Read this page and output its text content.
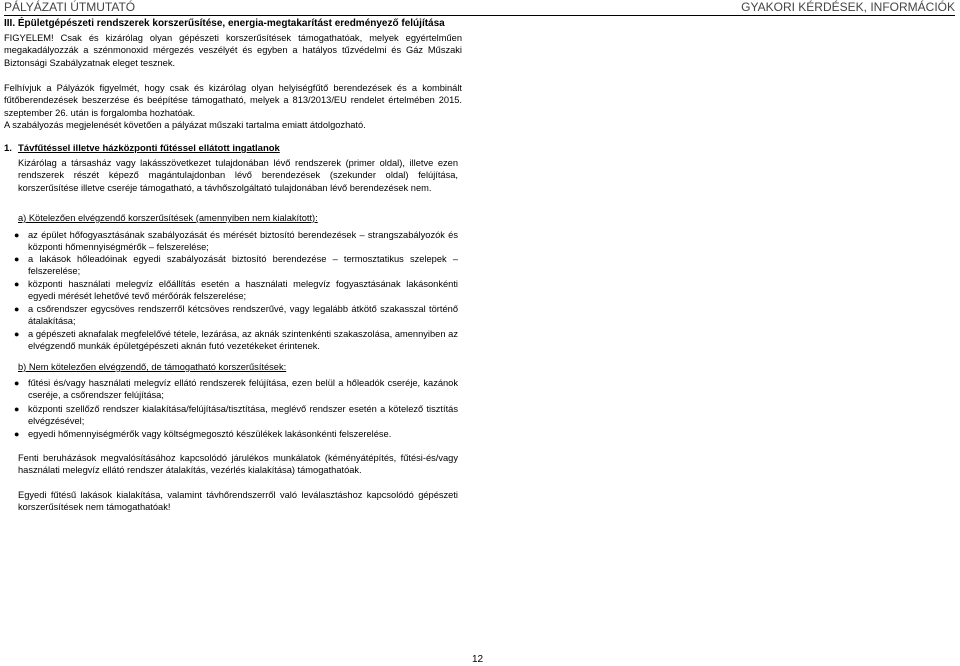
PÁLYÁZATI ÚTMUTATÓ	GYAKORI KÉRDÉSEK, INFORMÁCIÓK
III. Épületgépészeti rendszerek korszerűsítése, energia-megtakarítást eredményező felújítása

FIGYELEM! Csak és kizárólag olyan gépészeti korszerűsítések támogathatóak, melyek egyértelműen megakadályozzák a szénmonoxid mérgezés veszélyét és egyben a hatályos tűzvédelmi és Gáz Műszaki Biztonsági Szabályzatnak eleget tesznek.

Felhívjuk a Pályázók figyelmét, hogy csak és kizárólag olyan helyiségfűtő berendezések és a kombinált fűtőberendezések beszerzése és beépítése támogatható, melyek a 813/2013/EU rendelet értelmében 2015. szeptember 26. után is forgalomba hozhatóak.

A szabályozás megjelenését követően a pályázat műszaki tartalma emiatt átdolgozható.

1. Távfűtéssel illetve házközponti fűtéssel ellátott ingatlanok

Kizárólag a társasház vagy lakásszövetkezet tulajdonában lévő rendszerek (primer oldal), illetve ezen rendszerek részét képező magántulajdonban lévő berendezések (szekunder oldal) felújítása, korszerűsítése illetve cseréje támogatható, a távhőszolgáltató tulajdonában lévő berendezések nem.

a) Kötelezően elvégzendő korszerűsítések (amennyiben nem kialakított):
● az épület hőfogyasztásának szabályozását és mérését biztosító berendezések – strangszabályozók és központi hőmennyiségmérők – felszerelése;
● a lakások hőleadóinak egyedi szabályozását biztosító berendezése – termosztatikus szelepek – felszerelése;
● központi használati melegvíz előállítás esetén a használati melegvíz fogyasztásának lakásonkénti egyedi mérését lehetővé tevő mérőórák felszerelése;
● a csőrendszer egycsöves rendszerről kétcsöves rendszerűvé, vagy legalább átkötő szakasszal történő átalakítása;
● a gépészeti aknafalak megfelelővé tétele, lezárása, az aknák szintenkénti szakaszolása, amennyiben az elvégzendő munkák épületgépészeti aknán futó vezetékeket érintenek.
b) Nem kötelezően elvégzendő, de támogatható korszerűsítések:
● fűtési és/vagy használati melegvíz ellátó rendszerek felújítása, ezen belül a hőleadók cseréje, kazánok cseréje, a csőrendszer felújítása;
● központi szellőző rendszer kialakítása/felújítása/tisztítása, meglévő rendszer esetén a kötelező tisztítás elvégzésével;
● egyedi hőmennyiségmérők vagy költségmegosztó készülékek lakásonkénti felszerelése.

Fenti beruházások megvalósításához kapcsolódó járulékos munkálatok (kéményátépítés, fűtési-és/vagy használati melegvíz ellátó rendszer átalakítás, vezérlés kialakítása) támogathatóak.

Egyedi fűtésű lakások kialakítása, valamint távhőrendszerről való leválasztáshoz kapcsolódó gépészeti korszerűsítések nem támogathatóak!

12
